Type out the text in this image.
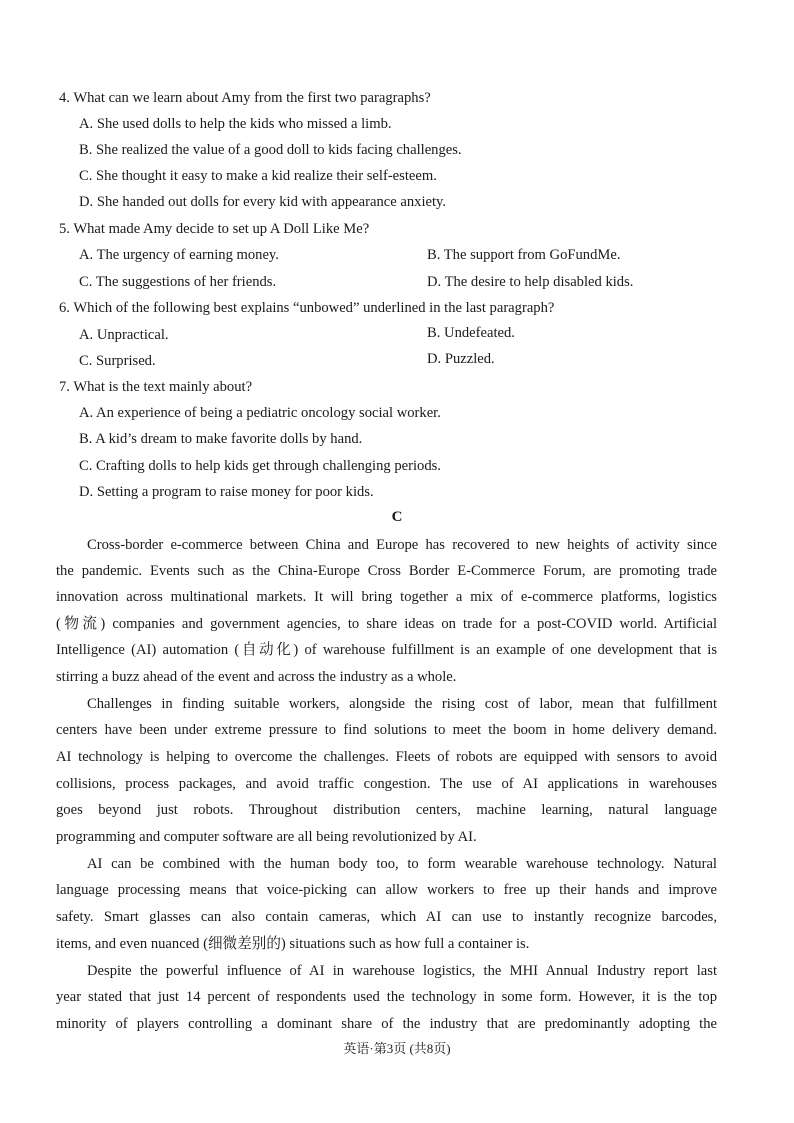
4. What can we learn about Amy from the first two paragraphs?
A. She used dolls to help the kids who missed a limb.
B. She realized the value of a good doll to kids facing challenges.
C. She thought it easy to make a kid realize their self-esteem.
D. She handed out dolls for every kid with appearance anxiety.
5. What made Amy decide to set up A Doll Like Me?
A. The urgency of earning money.	B. The support from GoFundMe.
C. The suggestions of her friends.	D. The desire to help disabled kids.
6. Which of the following best explains “unbowed” underlined in the last paragraph?
A. Unpractical.	B. Undefeated.
C. Surprised.	D. Puzzled.
7. What is the text mainly about?
A. An experience of being a pediatric oncology social worker.
B. A kid’s dream to make favorite dolls by hand.
C. Crafting dolls to help kids get through challenging periods.
D. Setting a program to raise money for poor kids.
C
Cross-border e-commerce between China and Europe has recovered to new heights of activity since
the pandemic. Events such as the China-Europe Cross Border E-Commerce Forum, are promoting trade
innovation across multinational markets. It will bring together a mix of e-commerce platforms, logistics
(物流) companies and government agencies, to share ideas on trade for a post-COVID world. Artificial
Intelligence (AI) automation (自动化) of warehouse fulfillment is an example of one development that is
stirring a buzz ahead of the event and across the industry as a whole.
Challenges in finding suitable workers, alongside the rising cost of labor, mean that fulfillment
centers have been under extreme pressure to find solutions to meet the boom in home delivery demand.
AI technology is helping to overcome the challenges. Fleets of robots are equipped with sensors to avoid
collisions, process packages, and avoid traffic congestion. The use of AI applications in warehouses
goes beyond just robots. Throughout distribution centers, machine learning, natural language
programming and computer software are all being revolutionized by AI.
AI can be combined with the human body too, to form wearable warehouse technology. Natural
language processing means that voice-picking can allow workers to free up their hands and improve
safety. Smart glasses can also contain cameras, which AI can use to instantly recognize barcodes,
items, and even nuanced (细微差别的) situations such as how full a container is.
Despite the powerful influence of AI in warehouse logistics, the MHI Annual Industry report last
year stated that just 14 percent of respondents used the technology in some form. However, it is the top
minority of players controlling a dominant share of the industry that are predominantly adopting the
英语·第3页 (共8页)
